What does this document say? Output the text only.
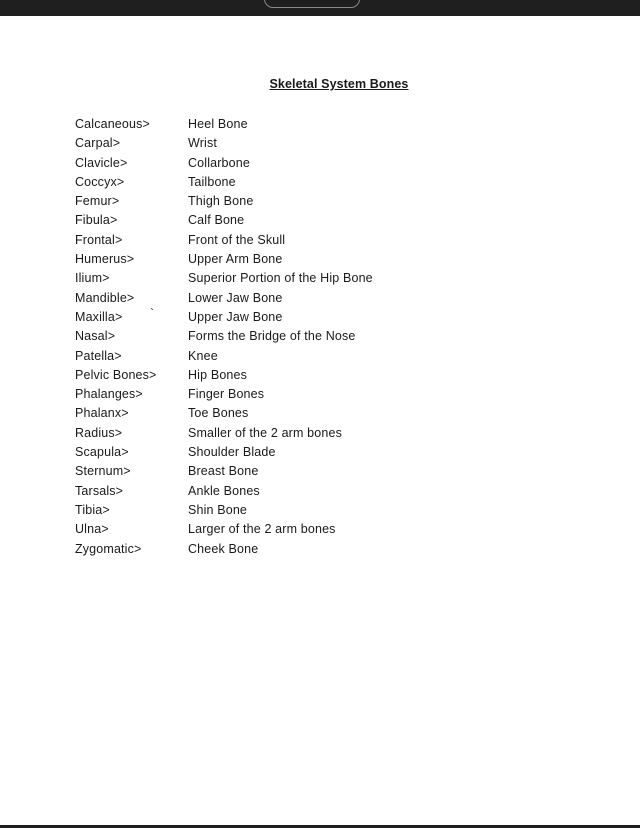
Skeletal System Bones
Calcaneous>	Heel Bone
Carpal>	Wrist
Clavicle>	Collarbone
Coccyx>	Tailbone
Femur>	Thigh Bone
Fibula>	Calf Bone
Frontal>	Front of the Skull
Humerus>	Upper Arm Bone
Ilium>	Superior Portion of the Hip Bone
Mandible>	Lower Jaw Bone
Maxilla> `	Upper Jaw Bone
Nasal>	Forms the Bridge of the Nose
Patella>	Knee
Pelvic Bones>	Hip Bones
Phalanges>	Finger Bones
Phalanx>	Toe Bones
Radius>	Smaller of the 2 arm bones
Scapula>	Shoulder Blade
Sternum>	Breast Bone
Tarsals>	Ankle Bones
Tibia>	Shin Bone
Ulna>	Larger of the 2 arm bones
Zygomatic>	Cheek Bone
